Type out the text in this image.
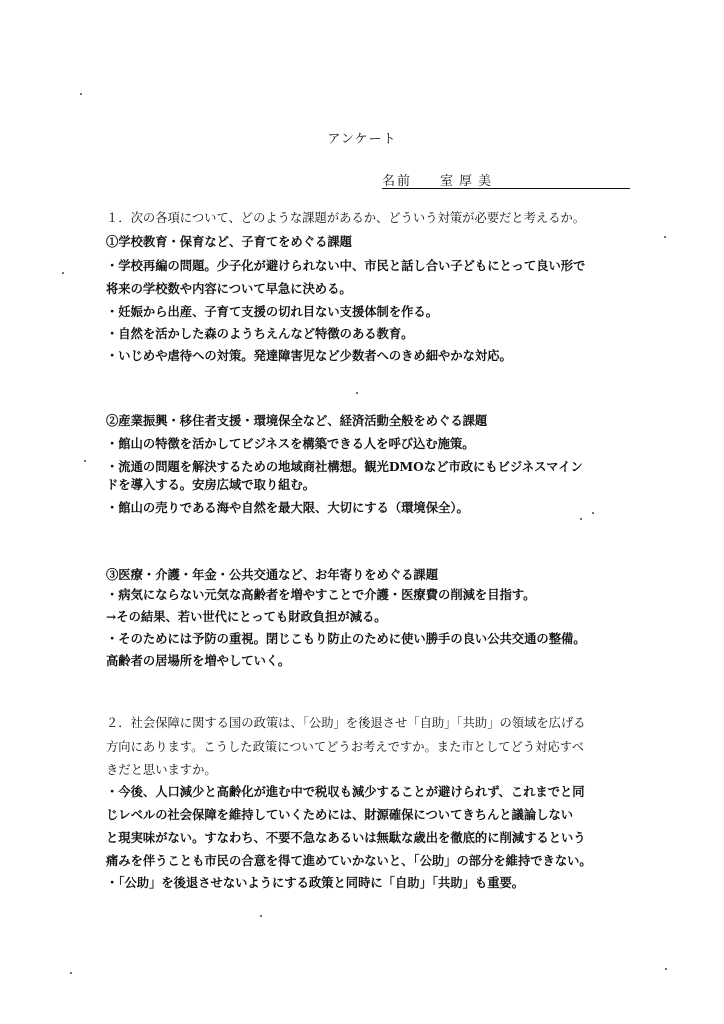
アンケート
名前 室厚美
１．次の各項について、どのような課題があるか、どういう対策が必要だと考えるか。
①学校教育・保育など、子育てをめぐる課題
・学校再編の問題。少子化が避けられない中、市民と話し合い子どもにとって良い形で
将来の学校数や内容について早急に決める。
・妊娠から出産、子育て支援の切れ目ない支援体制を作る。
・自然を活かした森のようちえんなど特徴のある教育。
・いじめや虐待への対策。発達障害児など少数者へのきめ細やかな対応。
②産業振興・移住者支援・環境保全など、経済活動全般をめぐる課題
・館山の特徴を活かしてビジネスを構築できる人を呼び込む施策。
・流通の問題を解決するための地域商社構想。観光DMOなど市政にもビジネスマイン
ドを導入する。安房広域で取り組む。
・館山の売りである海や自然を最大限、大切にする（環境保全）。
③医療・介護・年金・公共交通など、お年寄りをめぐる課題
・病気にならない元気な高齢者を増やすことで介護・医療費の削減を目指す。
→その結果、若い世代にとっても財政負担が減る。
・そのためには予防の重視。閉じこもり防止のために使い勝手の良い公共交通の整備。
高齢者の居場所を増やしていく。
２．社会保障に関する国の政策は、「公助」を後退させ「自助」「共助」の領域を広げる
方向にあります。こうした政策についてどうお考えですか。また市としてどう対応すべ
きだと思いますか。
・今後、人口減少と高齢化が進む中で税収も減少することが避けられず、これまでと同
じレベルの社会保障を維持していくためには、財源確保についてきちんと議論しない
と現実味がない。すなわち、不要不急なあるいは無駄な歳出を徹底的に削減するという
痛みを伴うことも市民の合意を得て進めていかないと、「公助」の部分を維持できない。
・「公助」を後退させないようにする政策と同時に「自助」「共助」も重要。
